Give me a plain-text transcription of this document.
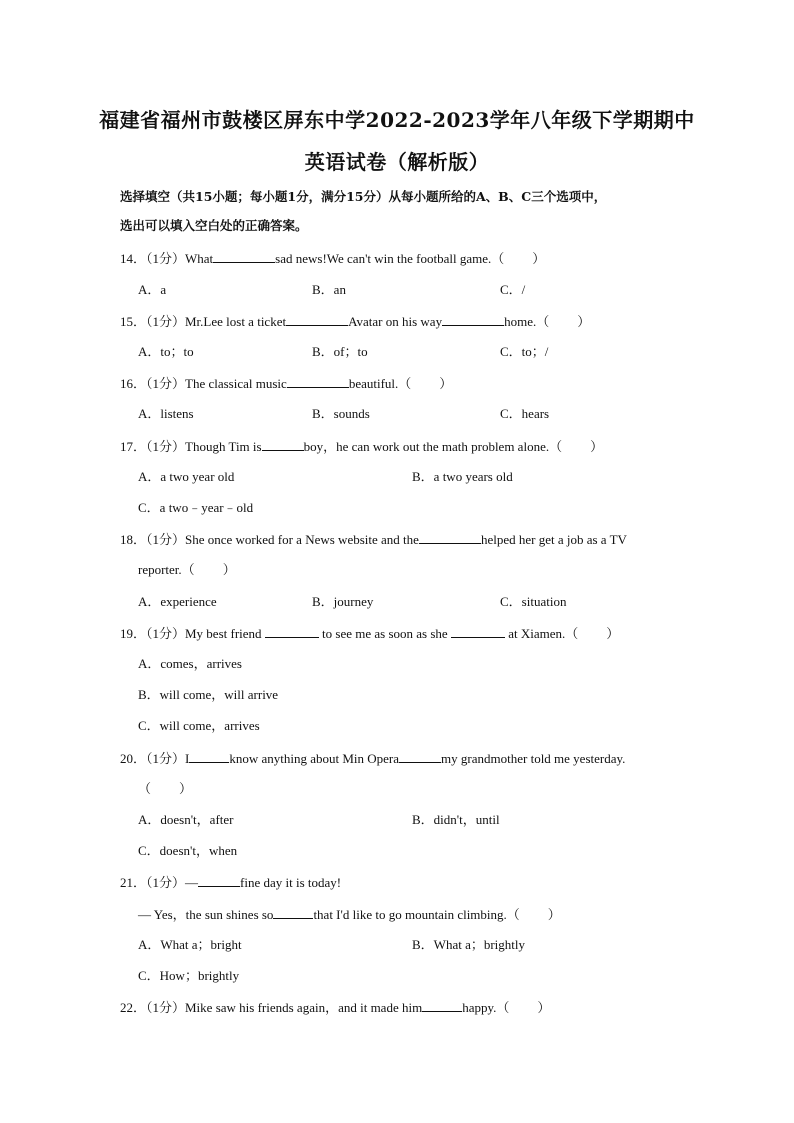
福建省福州市鼓楼区屏东中学2022-2023学年八年级下学期期中
英语试卷（解析版）
选择填空（共15小题；每小题1分，满分15分）从每小题所给的A、B、C三个选项中，
选出可以填入空白处的正确答案。
14．（1分）What	sad news!We can't win the football game.（ ）
A．a	B．an	C．/
15．（1分）Mr.Lee lost a ticket	Avatar on his way	home.（ ）
A．to；to	B．of；to	C．to；/
16．（1分）The classical music	beautiful.（ ）
A．listens	B．sounds	C．hears
17．（1分）Though Tim is	boy，he can work out the math problem alone.（ ）
A．a two year old	B．a two years old
C．a two﹣year﹣old
18．（1分）She once worked for a News website and the	helped her get a job as a TV
reporter.（ ）
A．experience	B．journey	C．situation
19．（1分）My best friend	to see me as soon as she	at Xiamen.（ ）
A．comes，arrives
B．will come，will arrive
C．will come，arrives
20．（1分）I	know anything about Min Opera	my grandmother told me yesterday.
（ ）
A．doesn't，after	B．didn't，until
C．doesn't，when
21．（1分）—	fine day it is today!
— Yes，the sun shines so	that I'd like to go mountain climbing.（ ）
A．What a；bright	B．What a；brightly
C．How；brightly
22．（1分）Mike saw his friends again，and it made him	happy.（ ）
